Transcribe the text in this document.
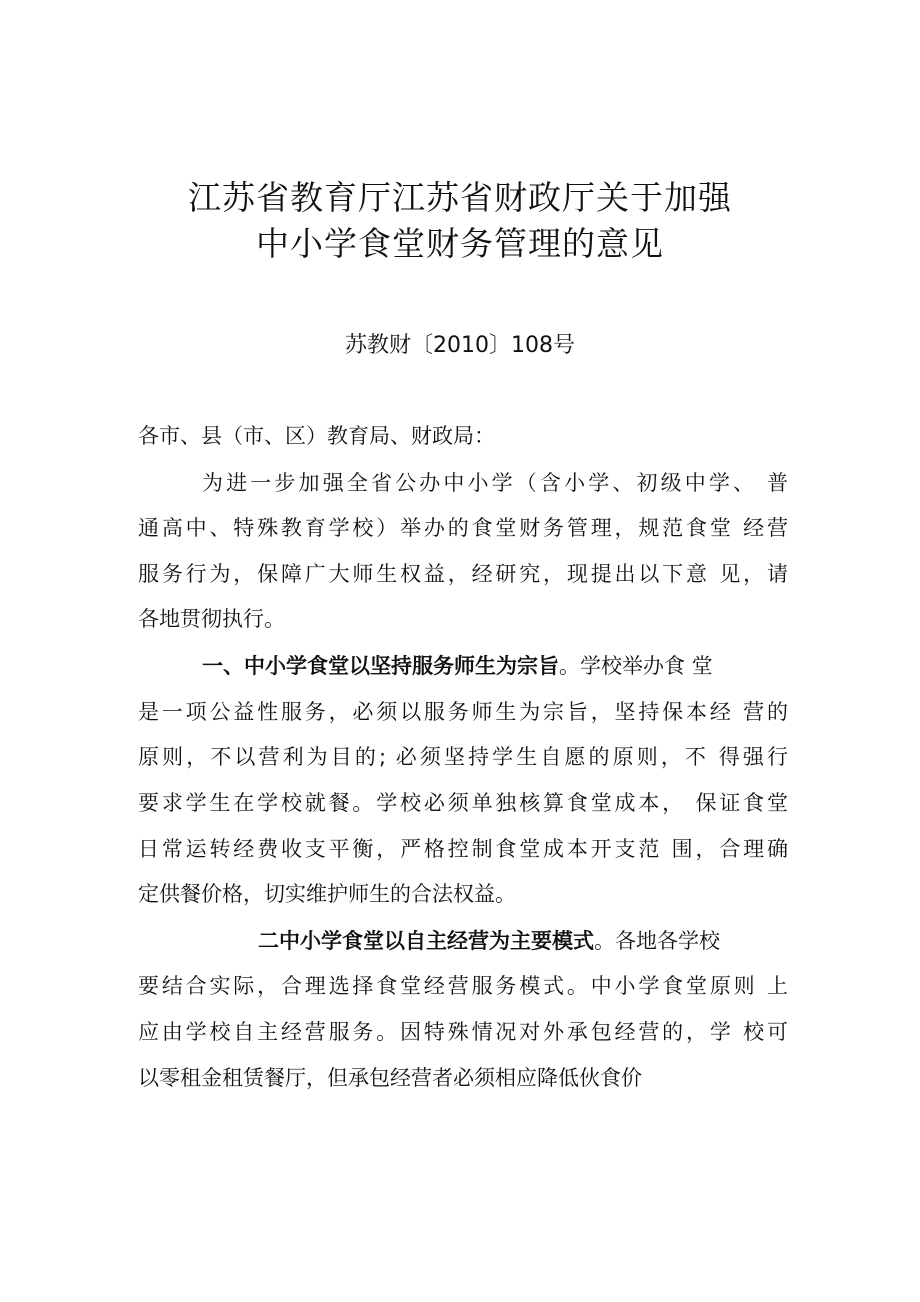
江苏省教育厅江苏省财政厅关于加强
中小学食堂财务管理的意见
苏教财〔2010〕108号
各市、县（市、区）教育局、财政局：
为进一步加强全省公办中小学（含小学、初级中学、 普
通高中、特殊教育学校）举办的食堂财务管理，规范食堂 经营
服务行为，保障广大师生权益，经研究，现提出以下意 见，请
各地贯彻执行。
一、中小学食堂以坚持服务师生为宗旨。学校举办食 堂
是一项公益性服务，必须以服务师生为宗旨，坚持保本经 营的
原则，不以营利为目的; 必须坚持学生自愿的原则，不 得强行
要求学生在学校就餐。学校必须单独核算食堂成本， 保证食堂
日常运转经费收支平衡，严格控制食堂成本开支范 围，合理确
定供餐价格，切实维护师生的合法权益。
二中小学食堂以自主经营为主要模式。各地各学校
要结合实际，合理选择食堂经营服务模式。中小学食堂原则 上
应由学校自主经营服务。因特殊情况对外承包经营的，学 校可
以零租金租赁餐厅，但承包经营者必须相应降低伙食价
